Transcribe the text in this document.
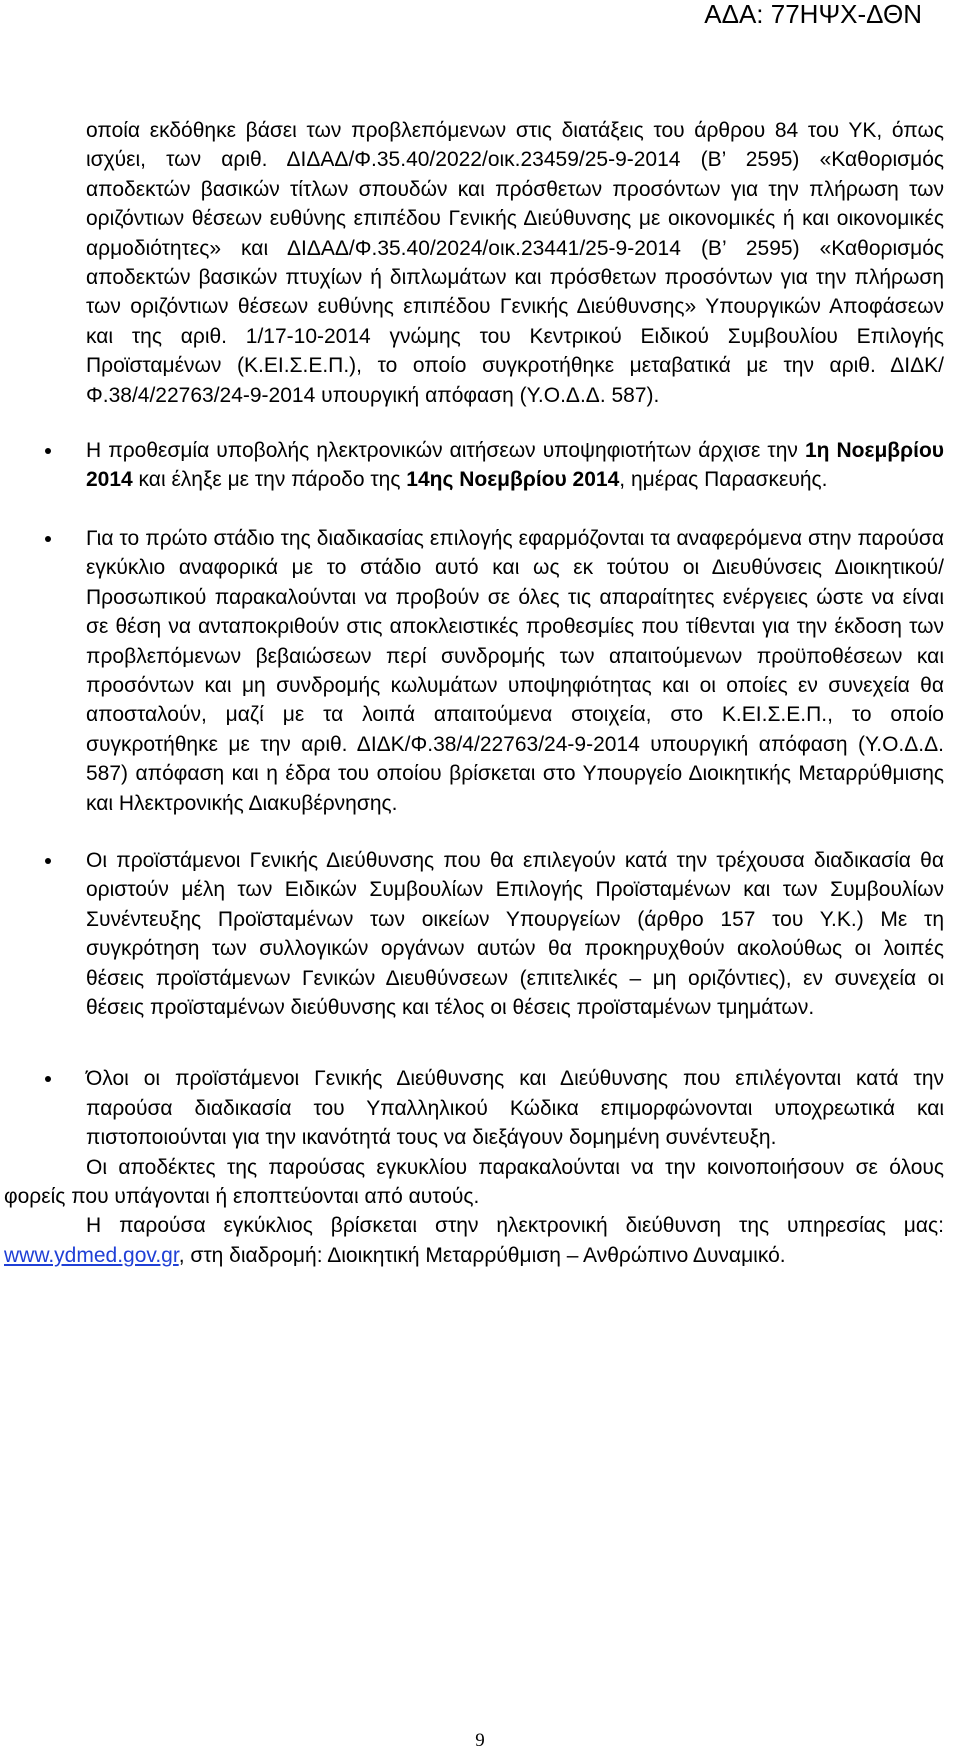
ΑΔΑ: 77ΗΨΧ-ΔΘΝ
οποία εκδόθηκε βάσει των προβλεπόμενων στις διατάξεις του άρθρου 84 του ΥΚ, όπως ισχύει, των αριθ. ΔΙΔΑΔ/Φ.35.40/2022/οικ.23459/25-9-2014 (Β’ 2595) «Καθορισμός αποδεκτών βασικών τίτλων σπουδών και πρόσθετων προσόντων για την πλήρωση των οριζόντιων θέσεων ευθύνης επιπέδου Γενικής Διεύθυνσης με οικονομικές ή και οικονομικές αρμοδιότητες» και ΔΙΔΑΔ/Φ.35.40/2024/οικ.23441/25-9-2014 (Β’ 2595) «Καθορισμός αποδεκτών βασικών πτυχίων ή διπλωμάτων και πρόσθετων προσόντων για την πλήρωση των οριζόντιων θέσεων ευθύνης επιπέδου Γενικής Διεύθυνσης» Υπουργικών Αποφάσεων και της αριθ. 1/17-10-2014 γνώμης του Κεντρικού Ειδικού Συμβουλίου Επιλογής Προϊσταμένων (Κ.ΕΙ.Σ.Ε.Π.), το οποίο συγκροτήθηκε μεταβατικά με την αριθ. ΔΙΔΚ/Φ.38/4/22763/24-9-2014 υπουργική απόφαση (Υ.Ο.Δ.Δ. 587).
Η προθεσμία υποβολής ηλεκτρονικών αιτήσεων υποψηφιοτήτων άρχισε την 1η Νοεμβρίου 2014 και έληξε με την πάροδο της 14ης Νοεμβρίου 2014, ημέρας Παρασκευής.
Για το πρώτο στάδιο της διαδικασίας επιλογής εφαρμόζονται τα αναφερόμενα στην παρούσα εγκύκλιο αναφορικά με το στάδιο αυτό και ως εκ τούτου οι Διευθύνσεις Διοικητικού/ Προσωπικού παρακαλούνται να προβούν σε όλες τις απαραίτητες ενέργειες ώστε να είναι σε θέση να ανταποκριθούν στις αποκλειστικές προθεσμίες που τίθενται για την έκδοση των προβλεπόμενων βεβαιώσεων περί συνδρομής των απαιτούμενων προϋποθέσεων και προσόντων και μη συνδρομής κωλυμάτων υποψηφιότητας και οι οποίες εν συνεχεία θα αποσταλούν, μαζί με τα λοιπά απαιτούμενα στοιχεία, στο Κ.ΕΙ.Σ.Ε.Π., το οποίο συγκροτήθηκε με την αριθ. ΔΙΔΚ/Φ.38/4/22763/24-9-2014 υπουργική απόφαση (Υ.Ο.Δ.Δ. 587) απόφαση και η έδρα του οποίου βρίσκεται στο Υπουργείο Διοικητικής Μεταρρύθμισης και Ηλεκτρονικής Διακυβέρνησης.
Οι προϊστάμενοι Γενικής Διεύθυνσης που θα επιλεγούν κατά την τρέχουσα διαδικασία θα οριστούν μέλη των Ειδικών Συμβουλίων Επιλογής Προϊσταμένων και των Συμβουλίων Συνέντευξης Προϊσταμένων των οικείων Υπουργείων (άρθρο 157 του Υ.Κ.) Με τη συγκρότηση των συλλογικών οργάνων αυτών θα προκηρυχθούν ακολούθως οι λοιπές θέσεις προϊστάμενων Γενικών Διευθύνσεων (επιτελικές – μη οριζόντιες), εν συνεχεία οι θέσεις προϊσταμένων διεύθυνσης και τέλος οι θέσεις προϊσταμένων τμημάτων.
Όλοι οι προϊστάμενοι Γενικής Διεύθυνσης και Διεύθυνσης που επιλέγονται κατά την παρούσα διαδικασία του Υπαλληλικού Κώδικα επιμορφώνονται υποχρεωτικά και πιστοποιούνται για την ικανότητά τους να διεξάγουν δομημένη συνέντευξη.

Οι αποδέκτες της παρούσας εγκυκλίου παρακαλούνται να την κοινοποιήσουν σε όλους φορείς που υπάγονται ή εποπτεύονται από αυτούς.

Η παρούσα εγκύκλιος βρίσκεται στην ηλεκτρονική διεύθυνση της υπηρεσίας μας: www.ydmed.gov.gr, στη διαδρομή: Διοικητική Μεταρρύθμιση – Ανθρώπινο Δυναμικό.

9
